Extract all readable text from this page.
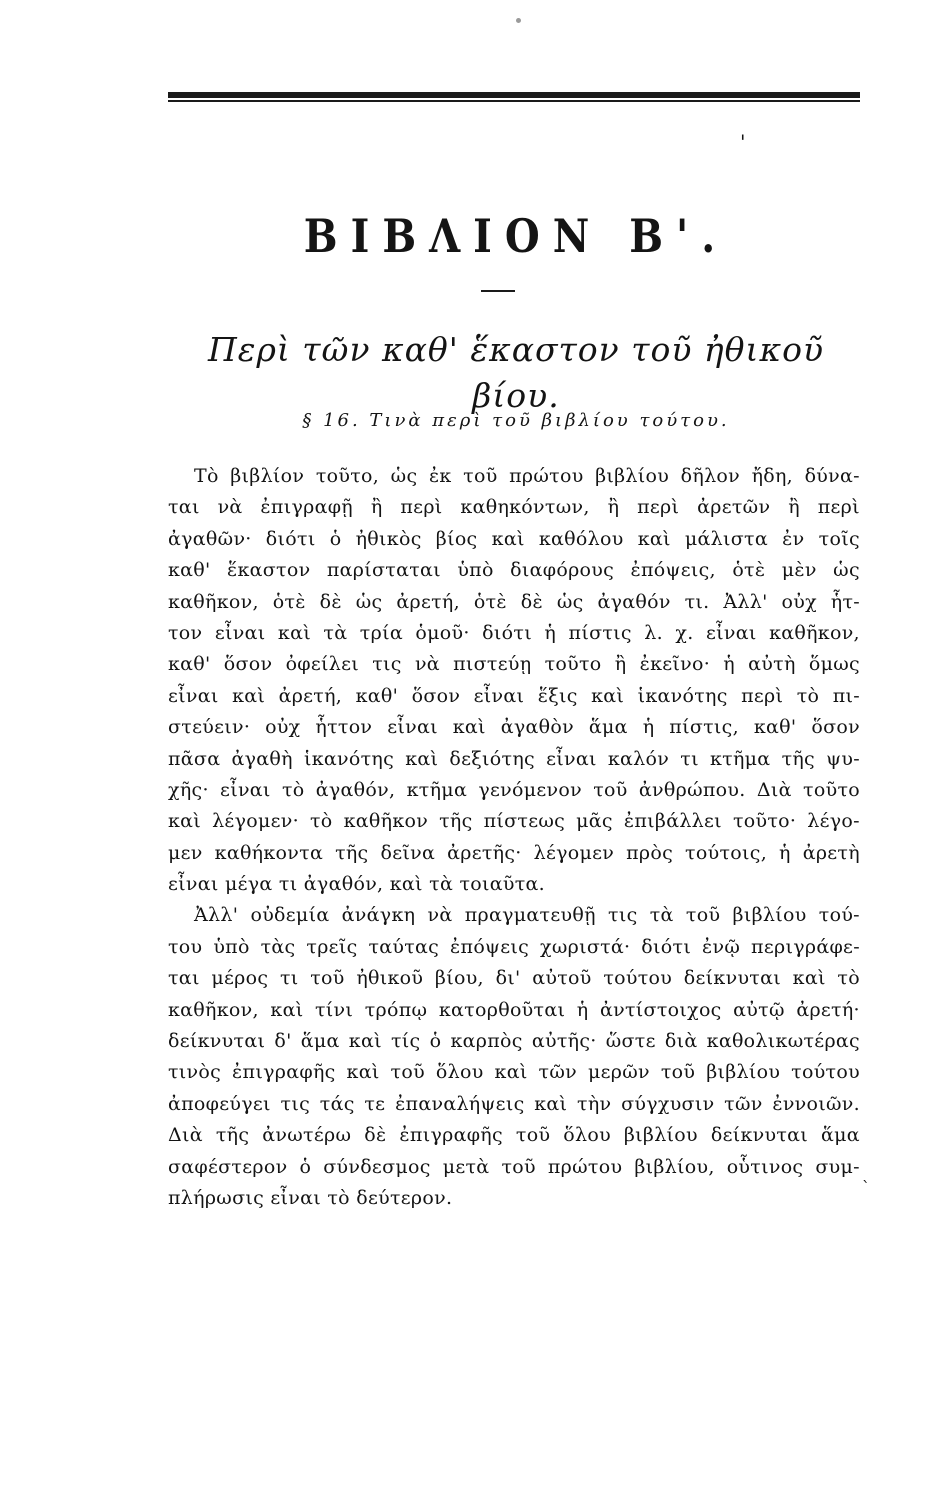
'
ΒΙΒΛΙΟΝ Β'.
Περὶ τῶν καθ' ἕκαστον τοῦ ἠθικοῦ βίου.
§ 16. Τινὰ περὶ τοῦ βιβλίου τούτου.
Τὸ βιβλίον τοῦτο, ὡς ἐκ τοῦ πρώτου βιβλίου δῆλον ἤδη, δύνα-
ται νὰ ἐπιγραφῇ ἢ περὶ καθηκόντων, ἢ περὶ ἀρετῶν ἢ περὶ
ἀγαθῶν· διότι ὁ ἠθικὸς βίος καὶ καθόλου καὶ μάλιστα ἐν τοῖς
καθ' ἕκαστον παρίσταται ὑπὸ διαφόρους ἐπόψεις, ὁτὲ μὲν ὡς
καθῆκον, ὁτὲ δὲ ὡς ἀρετή, ὁτὲ δὲ ὡς ἀγαθόν τι. Ἀλλ' οὐχ ἧτ-
τον εἶναι καὶ τὰ τρία ὁμοῦ· διότι ἡ πίστις λ. χ. εἶναι καθῆκον,
καθ' ὅσον ὀφείλει τις νὰ πιστεύῃ τοῦτο ἢ ἐκεῖνο· ἡ αὐτὴ ὅμως
εἶναι καὶ ἀρετή, καθ' ὅσον εἶναι ἕξις καὶ ἱκανότης περὶ τὸ πι-
στεύειν· οὐχ ἧττον εἶναι καὶ ἀγαθὸν ἅμα ἡ πίστις, καθ' ὅσον
πᾶσα ἀγαθὴ ἱκανότης καὶ δεξιότης εἶναι καλόν τι κτῆμα τῆς ψυ-
χῆς· εἶναι τὸ ἀγαθόν, κτῆμα γενόμενον τοῦ ἀνθρώπου. Διὰ τοῦτο
καὶ λέγομεν· τὸ καθῆκον τῆς πίστεως μᾶς ἐπιβάλλει τοῦτο· λέγο-
μεν καθήκοντα τῆς δεῖνα ἀρετῆς· λέγομεν πρὸς τούτοις, ἡ ἀρετὴ
εἶναι μέγα τι ἀγαθόν, καὶ τὰ τοιαῦτα.
Ἀλλ' οὐδεμία ἀνάγκη νὰ πραγματευθῇ τις τὰ τοῦ βιβλίου τού-
του ὑπὸ τὰς τρεῖς ταύτας ἐπόψεις χωριστά· διότι ἐνῷ περιγράφε-
ται μέρος τι τοῦ ἠθικοῦ βίου, δι' αὐτοῦ τούτου δείκνυται καὶ τὸ
καθῆκον, καὶ τίνι τρόπῳ κατορθοῦται ἡ ἀντίστοιχος αὐτῷ ἀρετή·
δείκνυται δ' ἅμα καὶ τίς ὁ καρπὸς αὐτῆς· ὥστε διὰ καθολικωτέρας
τινὸς ἐπιγραφῆς καὶ τοῦ ὅλου καὶ τῶν μερῶν τοῦ βιβλίου τούτου
ἀποφεύγει τις τάς τε ἐπαναλήψεις καὶ τὴν σύγχυσιν τῶν ἐννοιῶν.
Διὰ τῆς ἀνωτέρω δὲ ἐπιγραφῆς τοῦ ὅλου βιβλίου δείκνυται ἅμα
σαφέστερον ὁ σύνδεσμος μετὰ τοῦ πρώτου βιβλίου, οὗτινος συμ-
πλήρωσις εἶναι τὸ δεύτερον.	`
